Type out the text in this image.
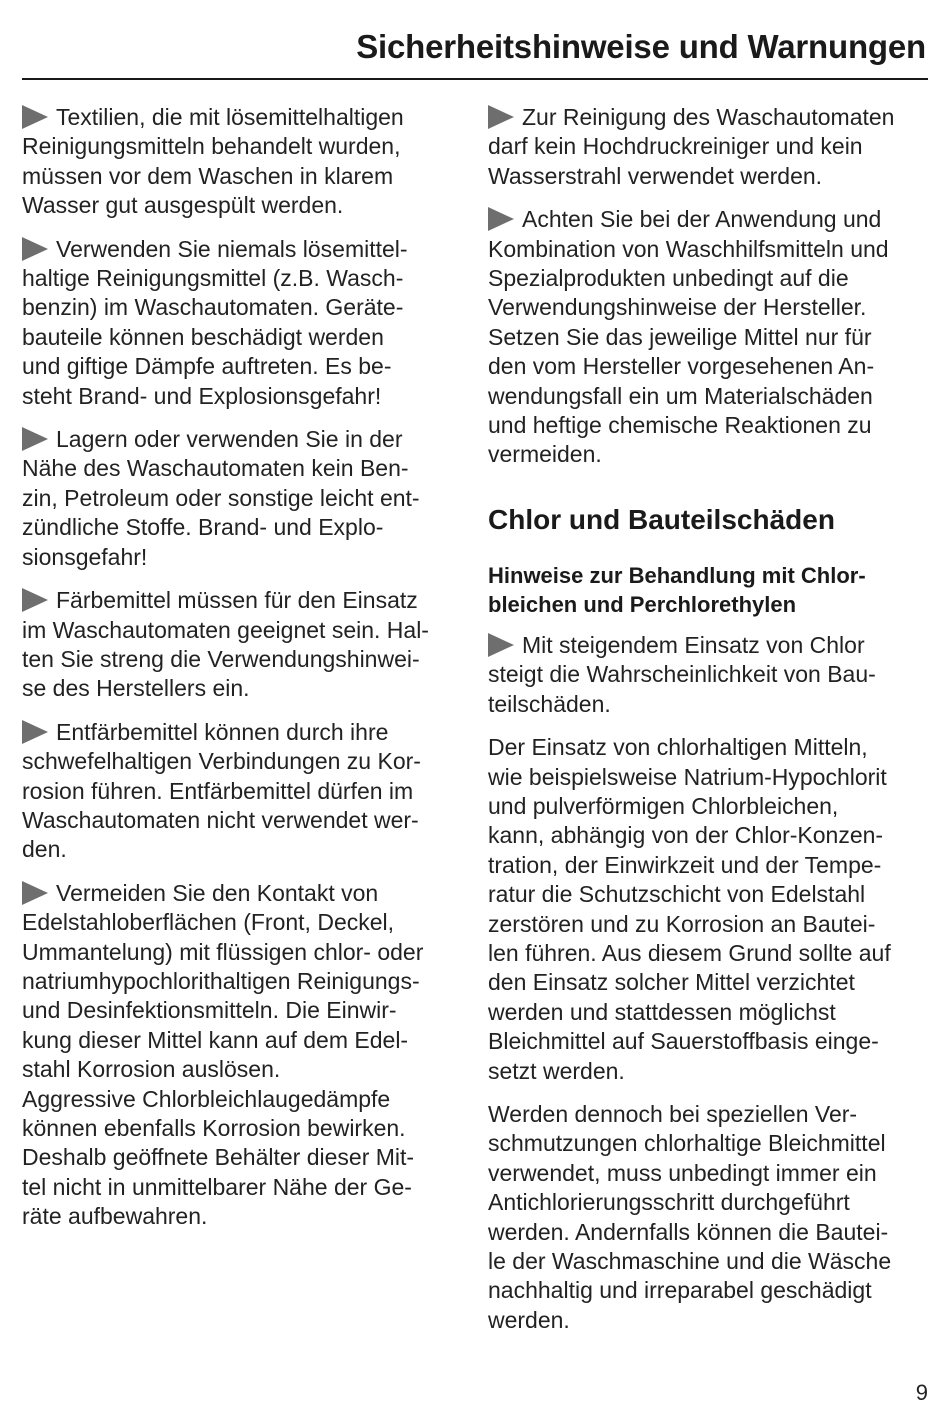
Sicherheitshinweise und Warnungen

Textilien, die mit lösemittelhaltigen
Reinigungsmitteln behandelt wurden,
müssen vor dem Waschen in klarem
Wasser gut ausgespült werden.

Verwenden Sie niemals lösemittel-
haltige Reinigungsmittel (z.B. Wasch-
benzin) im Waschautomaten. Geräte-
bauteile können beschädigt werden
und giftige Dämpfe auftreten. Es be-
steht Brand- und Explosionsgefahr!

Lagern oder verwenden Sie in der
Nähe des Waschautomaten kein Ben-
zin, Petroleum oder sonstige leicht ent-
zündliche Stoffe. Brand- und Explo-
sionsgefahr!

Färbemittel müssen für den Einsatz
im Waschautomaten geeignet sein. Hal-
ten Sie streng die Verwendungshinwei-
se des Herstellers ein.

Entfärbemittel können durch ihre
schwefelhaltigen Verbindungen zu Kor-
rosion führen. Entfärbemittel dürfen im
Waschautomaten nicht verwendet wer-
den.

Vermeiden Sie den Kontakt von
Edelstahloberflächen (Front, Deckel,
Ummantelung) mit flüssigen chlor- oder
natriumhypochlorithaltigen Reinigungs-
und Desinfektionsmitteln. Die Einwir-
kung dieser Mittel kann auf dem Edel-
stahl Korrosion auslösen.
Aggressive Chlorbleichlaugedämpfe
können ebenfalls Korrosion bewirken.
Deshalb geöffnete Behälter dieser Mit-
tel nicht in unmittelbarer Nähe der Ge-
räte aufbewahren.

Zur Reinigung des Waschautomaten
darf kein Hochdruckreiniger und kein
Wasserstrahl verwendet werden.

Achten Sie bei der Anwendung und
Kombination von Waschhilfsmitteln und
Spezialprodukten unbedingt auf die
Verwendungshinweise der Hersteller.
Setzen Sie das jeweilige Mittel nur für
den vom Hersteller vorgesehenen An-
wendungsfall ein um Materialschäden
und heftige chemische Reaktionen zu
vermeiden.

Chlor und Bauteilschäden
Hinweise zur Behandlung mit Chlor-
bleichen und Perchlorethylen

Mit steigendem Einsatz von Chlor
steigt die Wahrscheinlichkeit von Bau-
teilschäden.

Der Einsatz von chlorhaltigen Mitteln,
wie beispielsweise Natrium-Hypochlorit
und pulverförmigen Chlorbleichen,
kann, abhängig von der Chlor-Konzen-
tration, der Einwirkzeit und der Tempe-
ratur die Schutzschicht von Edelstahl
zerstören und zu Korrosion an Bautei-
len führen. Aus diesem Grund sollte auf
den Einsatz solcher Mittel verzichtet
werden und stattdessen möglichst
Bleichmittel auf Sauerstoffbasis einge-
setzt werden.

Werden dennoch bei speziellen Ver-
schmutzungen chlorhaltige Bleichmittel
verwendet, muss unbedingt immer ein
Antichlorierungsschritt durchgeführt
werden. Andernfalls können die Bautei-
le der Waschmaschine und die Wäsche
nachhaltig und irreparabel geschädigt
werden.

9
